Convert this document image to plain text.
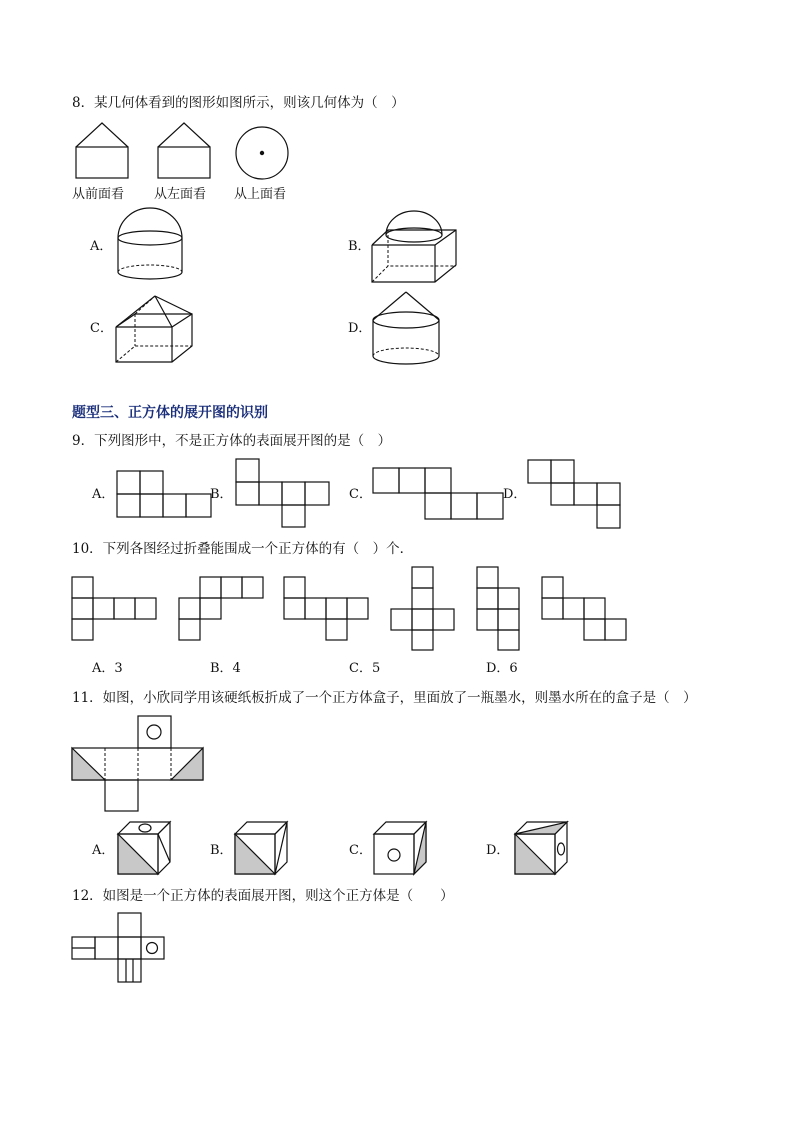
8．某几何体看到的图形如图所示，则该几何体为（　）
从前面看 从左面看 从上面看
A．	B．
C．	D．
题型三、正方体的展开图的识别
9．下列图形中，不是正方体的表面展开图的是（　）
A．	B．	C．	D．
10．下列各图经过折叠能围成一个正方体的有（　）个．
A．3	B．4	C．5	D．6
11．如图，小欣同学用该硬纸板折成了一个正方体盒子，里面放了一瓶墨水，则墨水所在的盒子是（　）
A．	B．	C．	D．
12．如图是一个正方体的表面展开图，则这个正方体是（　　）
